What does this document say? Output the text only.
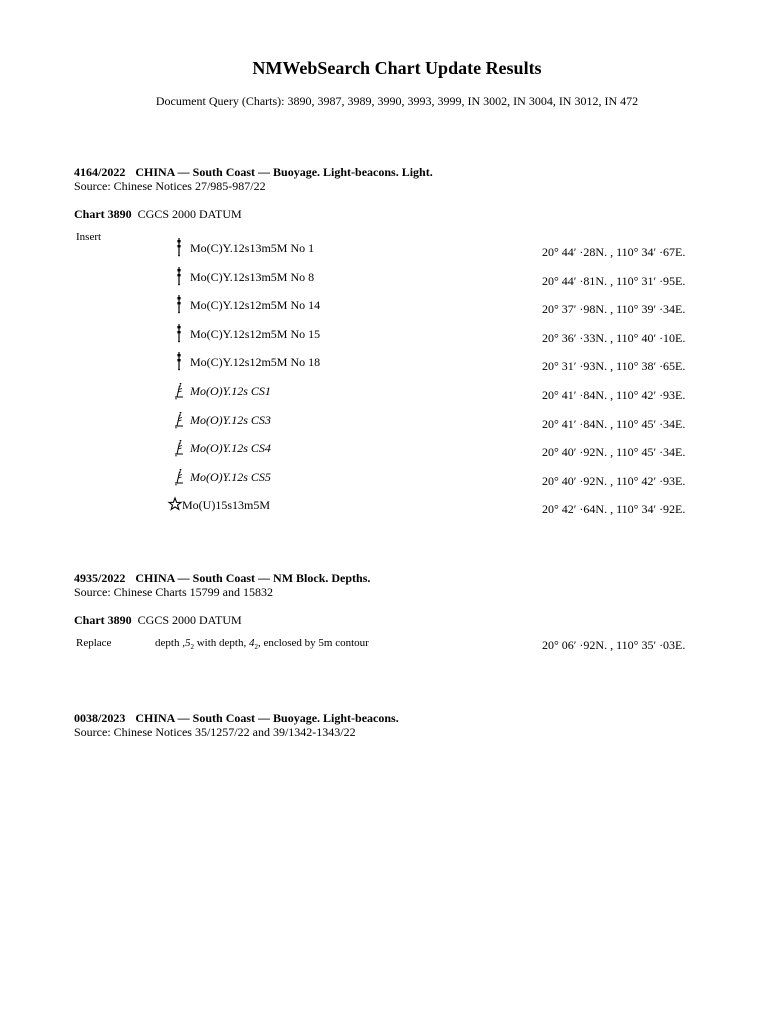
NMWebSearch Chart Update Results
Document Query (Charts): 3890, 3987, 3989, 3990, 3993, 3999, IN 3002, IN 3004, IN 3012, IN 472
4164/2022 CHINA — South Coast — Buoyage. Light-beacons. Light.
Source: Chinese Notices 27/985-987/22
Chart 3890 CGCS 2000 DATUM
Insert
Mo(C)Y.12s13m5M No 1	20° 44′ ·28N. , 110° 34′ ·67E.
Mo(C)Y.12s13m5M No 8	20° 44′ ·81N. , 110° 31′ ·95E.
Mo(C)Y.12s12m5M No 14	20° 37′ ·98N. , 110° 39′ ·34E.
Mo(C)Y.12s12m5M No 15	20° 36′ ·33N. , 110° 40′ ·10E.
Mo(C)Y.12s12m5M No 18	20° 31′ ·93N. , 110° 38′ ·65E.
Mo(O)Y.12s CS1	20° 41′ ·84N. , 110° 42′ ·93E.
Mo(O)Y.12s CS3	20° 41′ ·84N. , 110° 45′ ·34E.
Mo(O)Y.12s CS4	20° 40′ ·92N. , 110° 45′ ·34E.
Mo(O)Y.12s CS5	20° 40′ ·92N. , 110° 42′ ·93E.
Mo(U)15s13m5M	20° 42′ ·64N. , 110° 34′ ·92E.
4935/2022 CHINA — South Coast — NM Block. Depths.
Source: Chinese Charts 15799 and 15832
Chart 3890 CGCS 2000 DATUM
Replace	depth $,5_2$ with depth, $4_2$, enclosed by 5m contour	20° 06′ ·92N. , 110° 35′ ·03E.
0038/2023 CHINA — South Coast — Buoyage. Light-beacons.
Source: Chinese Notices 35/1257/22 and 39/1342-1343/22
